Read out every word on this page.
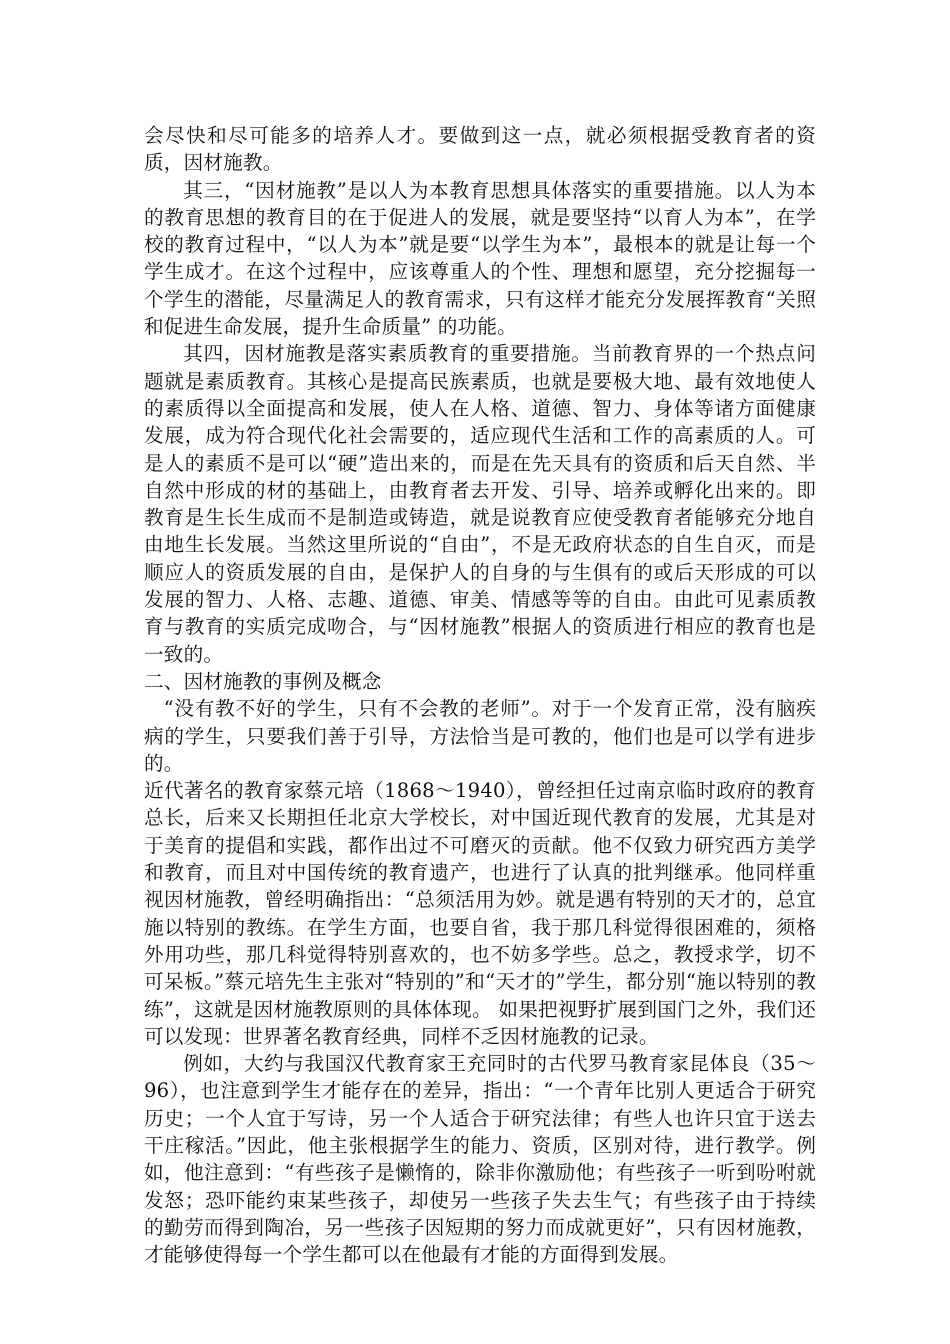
会尽快和尽可能多的培养人才。要做到这一点，就必须根据受教育者的资质，因材施教。

其三，“因材施教”是以人为本教育思想具体落实的重要措施。以人为本的教育思想的教育目的在于促进人的发展，就是要坚持“以育人为本”，在学校的教育过程中，“以人为本”就是要“以学生为本”，最根本的就是让每一个学生成才。在这个过程中，应该尊重人的个性、理想和愿望，充分挖掘每一个学生的潜能，尽量满足人的教育需求，只有这样才能充分发展挥教育“关照和促进生命发展，提升生命质量” 的功能。

其四，因材施教是落实素质教育的重要措施。当前教育界的一个热点问题就是素质教育。其核心是提高民族素质，也就是要极大地、最有效地使人的素质得以全面提高和发展，使人在人格、道德、智力、身体等诸方面健康发展，成为符合现代化社会需要的，适应现代生活和工作的高素质的人。可是人的素质不是可以“硬”造出来的，而是在先天具有的资质和后天自然、半自然中形成的材的基础上，由教育者去开发、引导、培养或孵化出来的。即教育是生长生成而不是制造或铸造，就是说教育应使受教育者能够充分地自由地生长发展。当然这里所说的“自由”，不是无政府状态的自生自灭，而是顺应人的资质发展的自由，是保护人的自身的与生俱有的或后天形成的可以发展的智力、人格、志趣、道德、审美、情感等等的自由。由此可见素质教育与教育的实质完成吻合，与“因材施教”根据人的资质进行相应的教育也是一致的。

二、因材施教的事例及概念

“没有教不好的学生，只有不会教的老师”。对于一个发育正常，没有脑疾病的学生，只要我们善于引导，方法恰当是可教的，他们也是可以学有进步的。

近代著名的教育家蔡元培（1868～1940），曾经担任过南京临时政府的教育总长，后来又长期担任北京大学校长，对中国近现代教育的发展，尤其是对于美育的提倡和实践，都作出过不可磨灭的贡献。他不仅致力研究西方美学和教育，而且对中国传统的教育遗产，也进行了认真的批判继承。他同样重视因材施教，曾经明确指出：“总须活用为妙。就是遇有特别的天才的，总宜施以特别的教练。在学生方面，也要自省，我于那几科觉得很困难的，须格外用功些，那几科觉得特别喜欢的，也不妨多学些。总之，教授求学，切不可呆板。”蔡元培先生主张对“特别的”和“天才的”学生，都分别“施以特别的教练”，这就是因材施教原则的具体体现。 如果把视野扩展到国门之外，我们还可以发现：世界著名教育经典，同样不乏因材施教的记录。

例如，大约与我国汉代教育家王充同时的古代罗马教育家昆体良（35～96），也注意到学生才能存在的差异，指出：“一个青年比别人更适合于研究历史；一个人宜于写诗，另一个人适合于研究法律；有些人也许只宜于送去干庄稼活。”因此，他主张根据学生的能力、资质，区别对待，进行教学。例如，他注意到：“有些孩子是懒惰的，除非你激励他；有些孩子一听到吩咐就发怒；恐吓能约束某些孩子，却使另一些孩子失去生气；有些孩子由于持续的勤劳而得到陶冶，另一些孩子因短期的努力而成就更好”，只有因材施教，才能够使得每一个学生都可以在他最有才能的方面得到发展。
